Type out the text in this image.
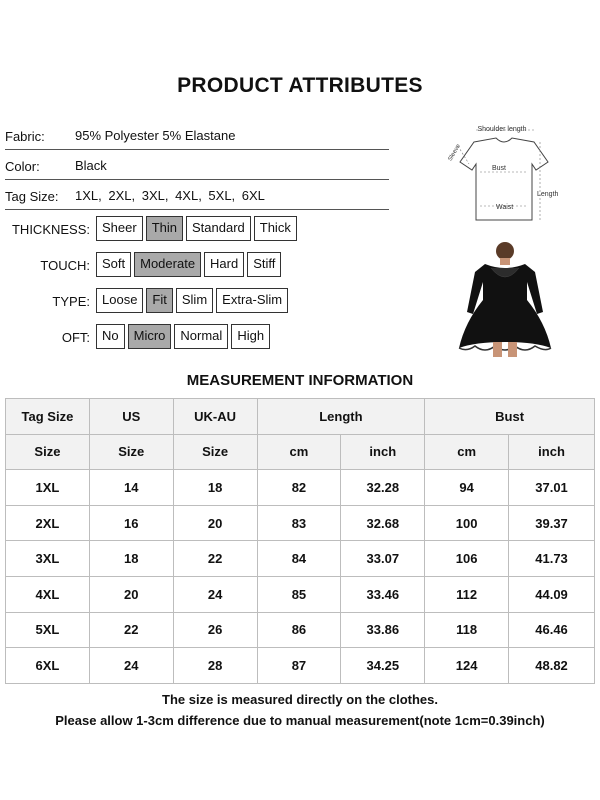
PRODUCT ATTRIBUTES
Fabric: 95% Polyester 5% Elastane
Color:	Black
Tag Size: 1XL, 2XL, 3XL, 4XL, 5XL, 6XL
THICKNESS: Sheer	Thin	Standard	Thick
TOUCH: Soft	Moderate	Hard	Stiff
TYPE: Loose	Fit	Slim	Extra-Slim
OFT: No	Micro	Normal	High
Shoulder length
Sleeve
Bust
Length
Waist
MEASUREMENT INFORMATION
Tag Size	US	UK-AU	Length		Bust	
Size	Size	Size	cm	inch	cm	inch
1XL	14	18	82	32.28	94	37.01
2XL	16	20	83	32.68	100	39.37
3XL	18	22	84	33.07	106	41.73
4XL	20	24	85	33.46	112	44.09
5XL	22	26	86	33.86	118	46.46
6XL	24	28	87	34.25	124	48.82
The size is measured directly on the clothes.
Please allow 1-3cm difference due to manual measurement(note 1cm=0.39inch)
